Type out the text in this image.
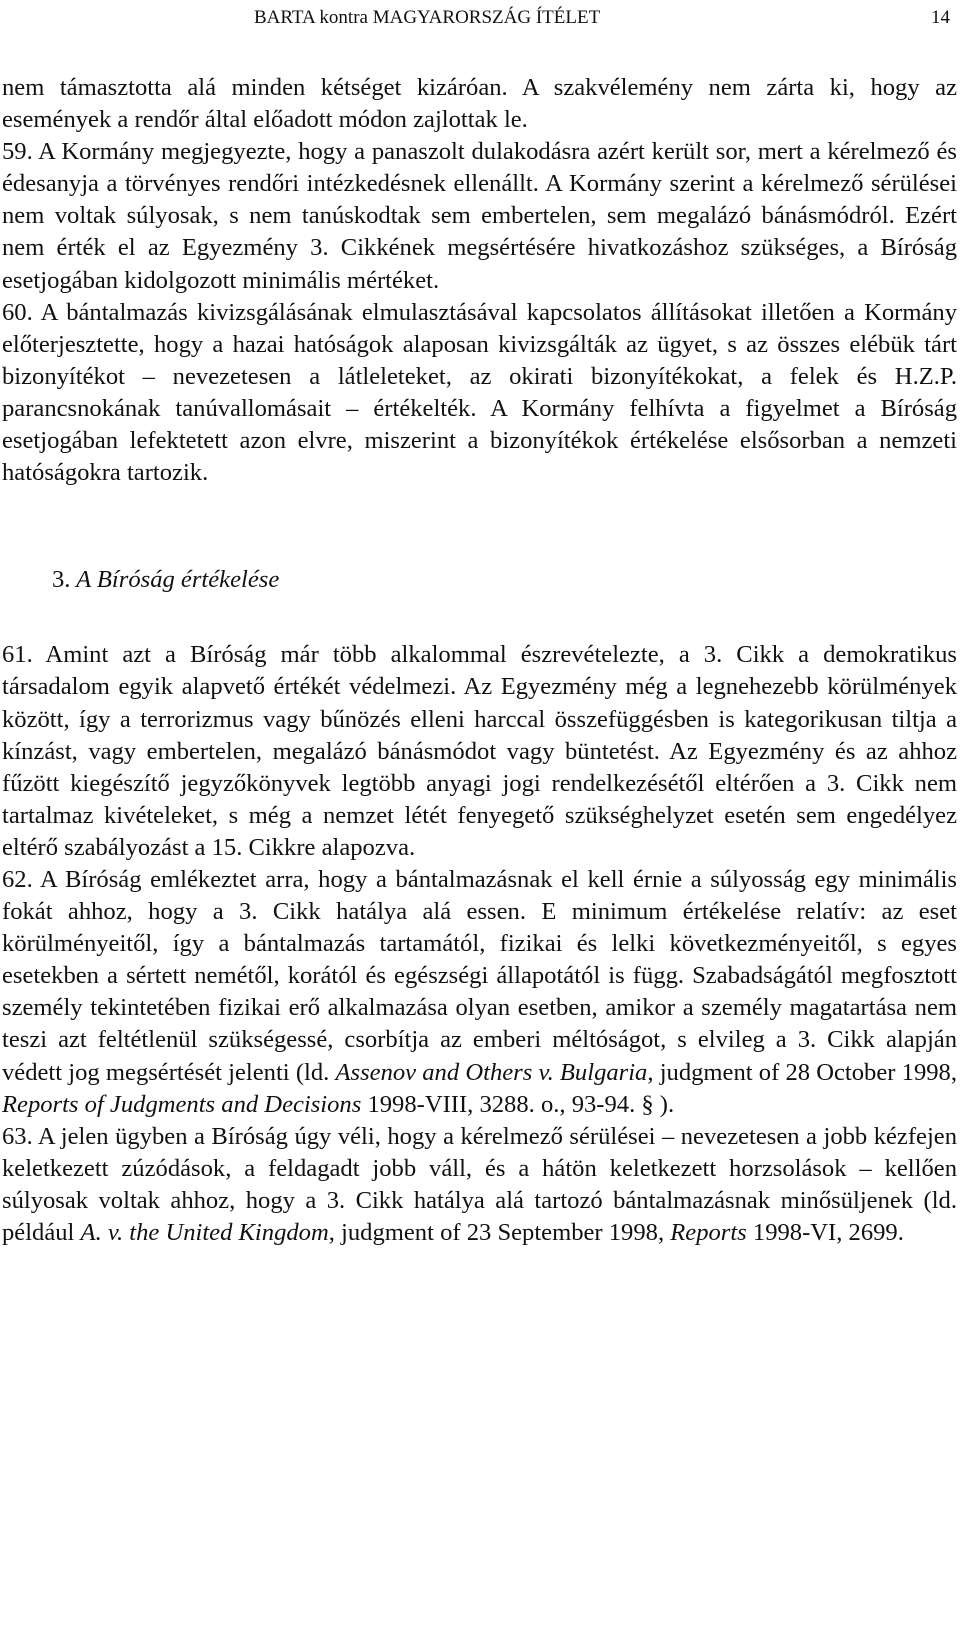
BARTA kontra MAGYARORSZÁG ÍTÉLET	14

nem támasztotta alá minden kétséget kizáróan. A szakvélemény nem zárta ki, hogy az események a rendőr által előadott módon zajlottak le.

59. A Kormány megjegyezte, hogy a panaszolt dulakodásra azért került sor, mert a kérelmező és édesanyja a törvényes rendőri intézkedésnek ellenállt. A Kormány szerint a kérelmező sérülései nem voltak súlyosak, s nem tanúskodtak sem embertelen, sem megalázó bánásmódról. Ezért nem érték el az Egyezmény 3. Cikkének megsértésére hivatkozáshoz szükséges, a Bíróság esetjogában kidolgozott minimális mértéket.

60. A bántalmazás kivizsgálásának elmulasztásával kapcsolatos állításokat illetően a Kormány előterjesztette, hogy a hazai hatóságok alaposan kivizsgálták az ügyet, s az összes elébük tárt bizonyítékot – nevezetesen a látleleteket, az okirati bizonyítékokat, a felek és H.Z.P. parancsnokának tanúvallomásait – értékelték. A Kormány felhívta a figyelmet a Bíróság esetjogában lefektetett azon elvre, miszerint a bizonyítékok értékelése elsősorban a nemzeti hatóságokra tartozik.

3. A Bíróság értékelése

61. Amint azt a Bíróság már több alkalommal észrevételezte, a 3. Cikk a demokratikus társadalom egyik alapvető értékét védelmezi. Az Egyezmény még a legnehezebb körülmények között, így a terrorizmus vagy bűnözés elleni harccal összefüggésben is kategorikusan tiltja a kínzást, vagy embertelen, megalázó bánásmódot vagy büntetést. Az Egyezmény és az ahhoz fűzött kiegészítő jegyzőkönyvek legtöbb anyagi jogi rendelkezésétől eltérően a 3. Cikk nem tartalmaz kivételeket, s még a nemzet létét fenyegető szükséghelyzet esetén sem engedélyez eltérő szabályozást a 15. Cikkre alapozva.

62. A Bíróság emlékeztet arra, hogy a bántalmazásnak el kell érnie a súlyosság egy minimális fokát ahhoz, hogy a 3. Cikk hatálya alá essen. E minimum értékelése relatív: az eset körülményeitől, így a bántalmazás tartamától, fizikai és lelki következményeitől, s egyes esetekben a sértett nemétől, korától és egészségi állapotától is függ. Szabadságától megfosztott személy tekintetében fizikai erő alkalmazása olyan esetben, amikor a személy magatartása nem teszi azt feltétlenül szükségessé, csorbítja az emberi méltóságot, s elvileg a 3. Cikk alapján védett jog megsértését jelenti (ld. Assenov and Others v. Bulgaria, judgment of 28 October 1998, Reports of Judgments and Decisions 1998-VIII, 3288. o., 93-94. § ).

63. A jelen ügyben a Bíróság úgy véli, hogy a kérelmező sérülései – nevezetesen a jobb kézfejen keletkezett zúzódások, a feldagadt jobb váll, és a hátön keletkezett horzsolások – kellően súlyosak voltak ahhoz, hogy a 3. Cikk hatálya alá tartozó bántalmazásnak minősüljenek (ld. például A. v. the United Kingdom, judgment of 23 September 1998, Reports 1998-VI, 2699.
